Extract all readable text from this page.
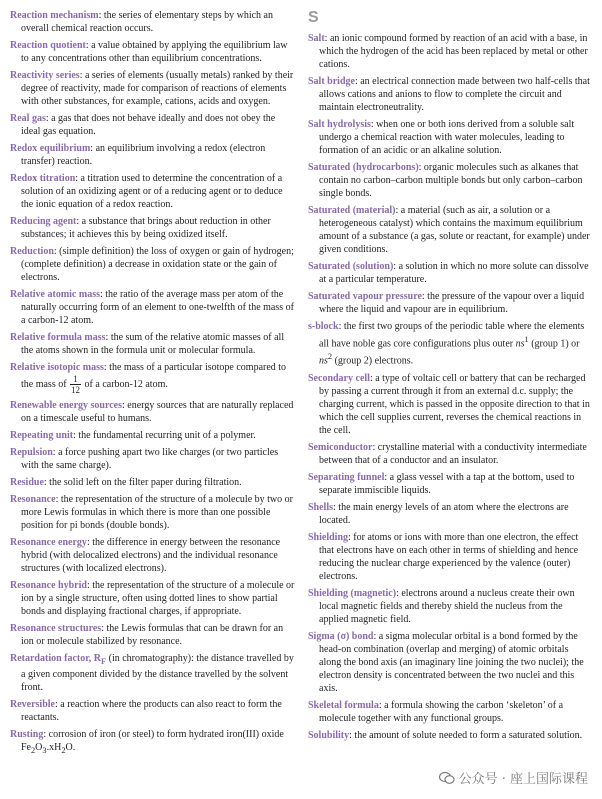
Reaction mechanism: the series of elementary steps by which an overall chemical reaction occurs.

Reaction quotient: a value obtained by applying the equilibrium law to any concentrations other than equilibrium concentrations.

Reactivity series: a series of elements (usually metals) ranked by their degree of reactivity, made for comparison of reactions of elements with other substances, for example, cations, acids and oxygen.

Real gas: a gas that does not behave ideally and does not obey the ideal gas equation.

Redox equilibrium: an equilibrium involving a redox (electron transfer) reaction.

Redox titration: a titration used to determine the concentration of a solution of an oxidizing agent or of a reducing agent or to deduce the ionic equation of a redox reaction.

Reducing agent: a substance that brings about reduction in other substances; it achieves this by being oxidized itself.

Reduction: (simple definition) the loss of oxygen or gain of hydrogen; (complete definition) a decrease in oxidation state or the gain of electrons.

Relative atomic mass: the ratio of the average mass per atom of the naturally occurring form of an element to one-twelfth of the mass of a carbon-12 atom.

Relative formula mass: the sum of the relative atomic masses of all the atoms shown in the formula unit or molecular formula.

Relative isotopic mass: the mass of a particular isotope compared to the mass of $\frac{1}{12}$ of a carbon-12 atom.

Renewable energy sources: energy sources that are naturally replaced on a timescale useful to humans.

Repeating unit: the fundamental recurring unit of a polymer.

Repulsion: a force pushing apart two like charges (or two particles with the same charge).

Residue: the solid left on the filter paper during filtration.

Resonance: the representation of the structure of a molecule by two or more Lewis formulas in which there is more than one possible position for pi bonds (double bonds).

Resonance energy: the difference in energy between the resonance hybrid (with delocalized electrons) and the individual resonance structures (with localized electrons).

Resonance hybrid: the representation of the structure of a molecule or ion by a single structure, often using dotted lines to show partial bonds and displaying fractional charges, if appropriate.

Resonance structures: the Lewis formulas that can be drawn for an ion or molecule stabilized by resonance.

Retardation factor, $R_F$ (in chromatography): the distance travelled by a given component divided by the distance travelled by the solvent front.

Reversible: a reaction where the products can also react to form the reactants.

Rusting: corrosion of iron (or steel) to form hydrated iron(III) oxide $Fe_2O_3.xH_2O$.

S

Salt: an ionic compound formed by reaction of an acid with a base, in which the hydrogen of the acid has been replaced by metal or other cations.

Salt bridge: an electrical connection made between two half-cells that allows cations and anions to flow to complete the circuit and maintain electroneutrality.

Salt hydrolysis: when one or both ions derived from a soluble salt undergo a chemical reaction with water molecules, leading to formation of an acidic or an alkaline solution.

Saturated (hydrocarbons): organic molecules such as alkanes that contain no carbon–carbon multiple bonds but only carbon–carbon single bonds.

Saturated (material): a material (such as air, a solution or a heterogeneous catalyst) which contains the maximum equilibrium amount of a substance (a gas, solute or reactant, for example) under given conditions.

Saturated (solution): a solution in which no more solute can dissolve at a particular temperature.

Saturated vapour pressure: the pressure of the vapour over a liquid where the liquid and vapour are in equilibrium.

s-block: the first two groups of the periodic table where the elements all have noble gas core configurations plus outer $ns^1$ (group 1) or $ns^2$ (group 2) electrons.

Secondary cell: a type of voltaic cell or battery that can be recharged by passing a current through it from an external d.c. supply; the charging current, which is passed in the opposite direction to that in which the cell supplies current, reverses the chemical reactions in the cell.

Semiconductor: crystalline material with a conductivity intermediate between that of a conductor and an insulator.

Separating funnel: a glass vessel with a tap at the bottom, used to separate immiscible liquids.

Shells: the main energy levels of an atom where the electrons are located.

Shielding: for atoms or ions with more than one electron, the effect that electrons have on each other in terms of shielding and hence reducing the nuclear charge experienced by the valence (outer) electrons.

Shielding (magnetic): electrons around a nucleus create their own local magnetic fields and thereby shield the nucleus from the applied magnetic field.

Sigma (σ) bond: a sigma molecular orbital is a bond formed by the head-on combination (overlap and merging) of atomic orbitals along the bond axis (an imaginary line joining the two nuclei); the electron density is concentrated between the two nuclei and this axis.

Skeletal formula: a formula showing the carbon ‘skeleton’ of a molecule together with any functional groups.

Solubility: the amount of solute needed to form a saturated solution.

公众号 · 座上国际课程
